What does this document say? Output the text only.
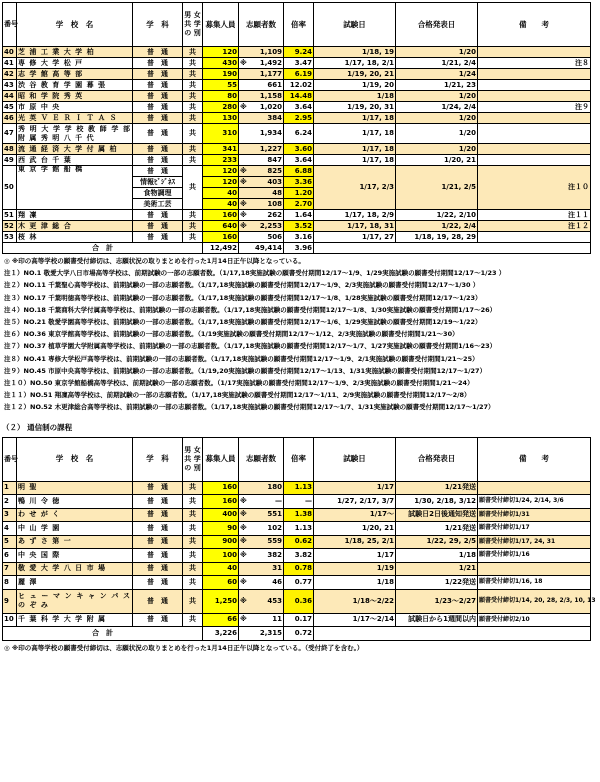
番号	学　校　名	学　科	男 女
共 学
の 別	募集人員	志願者数		倍率	試験日	合格発表日	備　　考
40	芝 浦 工 業 大 学 柏	普　通	共	120		1,109	9.24	1/18, 19	1/20	
41	専 修 大 学 松 戸	普　通	共	430	※	1,492	3.47	1/17, 18, 2/1	1/21, 2/4	注８
42	志 学 館 高 等 部	普　通	共	190		1,177	6.19	1/19, 20, 21	1/24	
43	渋 谷 教 育 学 園 幕 張	普　通	共	55		661	12.02	1/19, 20	1/21, 23	
44	昭 和 学 院 秀 英	普　通	共	80		1,158	14.48	1/18	1/20	
45	市 原 中 央	普　通	共	280	※	1,020	3.64	1/19, 20, 31	1/24, 2/4	注９
46	光 英 Ｖ Ｅ Ｒ Ｉ Ｔ Ａ Ｓ	普　通	共	130		384	2.95	1/17, 18	1/20	
47	秀 明 大 学 学 校 教 師 学 部 附 属 秀 明 八 千 代	普　通	共	310		1,934	6.24	1/17, 18	1/20	
48	流 通 経 済 大 学 付 属 柏	普　通	共	341		1,227	3.60	1/17, 18	1/20	
49	西 武 台 千 葉	普　通	共	233		847	3.64	1/17, 18	1/20, 21	
50	東 京 学 館 船 橋	普　通	共	120	※	825	6.88	1/17, 2/3	1/21, 2/5	注１０
		情報ﾋﾞｼﾞﾈｽ		120	※	403	3.36			
		食物調理		40		48	1.20			
		美術工芸		40	※	108	2.70			
51	翔 凜	普　通	共	160	※	262	1.64	1/17, 18, 2/9	1/22, 2/10	注１１
52	木 更 津 総 合	普　通	共	640	※	2,253	3.52	1/17, 18, 31	1/22, 2/4	注１２
53	桜 林	普　通	共	160		506	3.16	1/17, 27	1/18, 19, 28, 29	
合　計				12,492	49,414		3.96			
◎ ※印の高等学校の願書受付締切は、志願状況の取りまとめを行った1月14日正午以降となっている。
注１）NO.1 敬愛大学八日市場高等学校は、前期試験の一部の志願者数。（1/17,18実施試験の願書受付期間12/17～1/9、1/29実施試験の願書受付期間12/17～1/23 ）
注２）NO.11 千葉聖心高等学校は、前期試験の一部の志願者数。（1/17,18実施試験の願書受付期間12/17～1/9、2/3実施試験の願書受付期間12/17～1/30 ）
注３）NO.17 千葉明徳高等学校は、前期試験の一部の志願者数。（1/17,18実施試験の願書受付期間12/17～1/8、1/28実施試験の願書受付期間12/17～1/23）
注４）NO.18 千葉商科大学付属高等学校は、前期試験の一部の志願者数。（1/17,18実施試験の願書受付期間12/17～1/8、1/30実施試験の願書受付期間1/17～26）
注５）NO.21 敬愛学園高等学校は、前期試験の一部の志願者数。（1/17,18実施試験の願書受付期間12/17～1/6、1/29実施試験の願書受付期間12/19～1/22）
注６）NO.36 東京学館高等学校は、前期試験の一部の志願者数。（1/19実施試験の願書受付期間12/17～1/12、2/3実施試験の願書受付期間1/21～30）
注７）NO.37 植草学園大学附属高等学校は、前期試験の一部の志願者数。（1/17,18実施試験の願書受付期間12/17～1/7、1/27実施試験の願書受付期間1/16～23）
注８）NO.41 専修大学松戸高等学校は、前期試験の一部の志願者数。（1/17,18実施試験の願書受付期間12/17～1/9、2/1実施試験の願書受付期間1/21～25）
注９）NO.45 市原中央高等学校は、前期試験の一部の志願者数。（1/19,20実施試験の願書受付期間12/17～1/13、1/31実施試験の願書受付期間12/17～1/27）
注１０）NO.50 東京学館船橋高等学校は、前期試験の一部の志願者数。（1/17実施試験の願書受付期間12/17～1/9、2/3実施試験の願書受付期間1/21～24）
注１１）NO.51 翔凜高等学校は、前期試験の一部の志願者数。（1/17,18実施試験の願書受付期間12/17～1/11、2/9実施試験の願書受付期間12/17～2/8）
注１２）NO.52 木更津総合高等学校は、前期試験の一部の志願者数。（1/17,18実施試験の願書受付期間12/17～1/7、1/31実施試験の願書受付期間12/17～1/27）
（２） 通信制の課程
番号	学　校　名	学　科	男 女
共 学
の 別	募集人員	志願者数		倍率	試験日	合格発表日	備　　考
1	明 聖	普　通	共	160		180	1.13	1/17	1/21発送	
2	鴨 川 令 徳	普　通	共	160	※	—	—	1/27, 2/17, 3/7	1/30, 2/18, 3/12	願書受付締切1/24, 2/14, 3/6
3	わ せ が く	普　通	共	400	※	551	1.38	1/17～	試験日2日後通知発送	願書受付締切1/31
4	中 山 学 園	普　通	共	90	※	102	1.13	1/20, 21	1/21発送	願書受付締切1/17
5	あ ず さ 第 一	普　通	共	900	※	559	0.62	1/18, 25, 2/1	1/22, 29, 2/5	願書受付締切1/17, 24, 31
6	中 央 国 際	普　通	共	100	※	382	3.82	1/17	1/18	願書受付締切1/16
7	敬 愛 大 学 八 日 市 場	普　通	共	40		31	0.78	1/19	1/21	
8	麗 澤	普　通	共	60	※	46	0.77	1/18	1/22発送	願書受付締切1/16, 18
9	ヒ ュ ー マ ン キ ャ ン パ ス の ぞ み	普　通	共	1,250	※	453	0.36	1/18～2/22	1/23～2/27	願書受付締切1/14, 20, 28, 2/3, 10, 13
10	千 葉 科 学 大 学 附 属	普　通	共	66	※	11	0.17	1/17～2/14	試験日から1週間以内	願書受付締切2/10
合　計				3,226	2,315		0.72			
◎ ※印の高等学校の願書受付締切は、志願状況の取りまとめを行った1月14日正午以降となっている。（受付終了を含む。）
